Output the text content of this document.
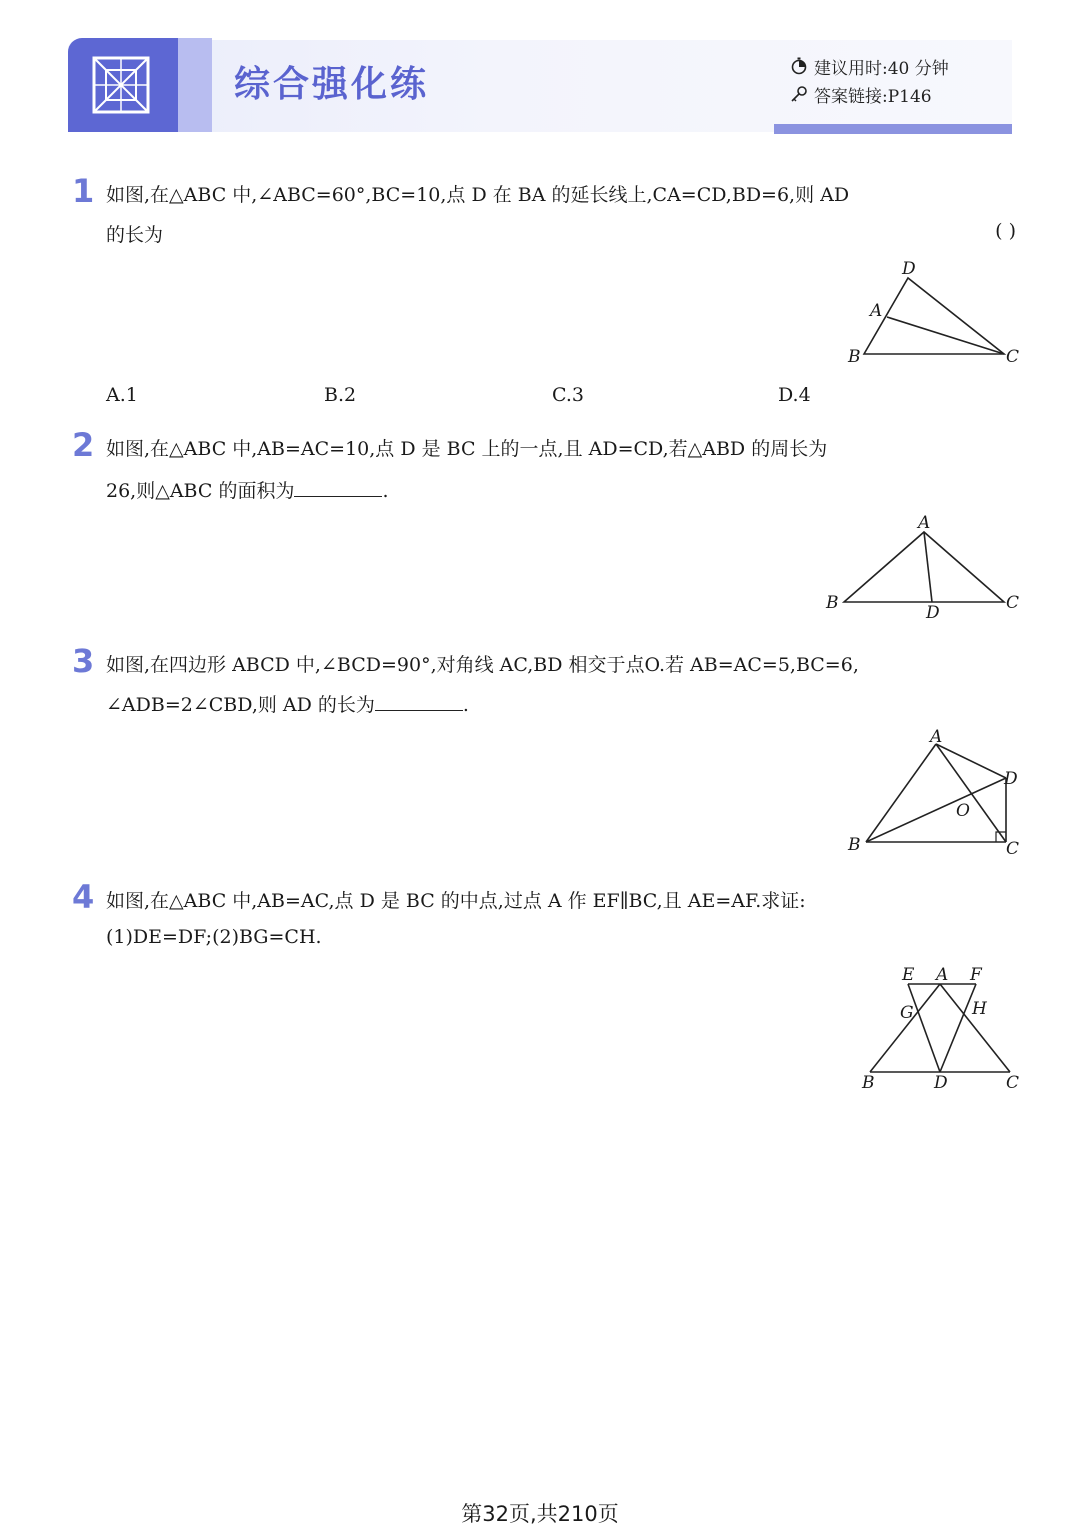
综合强化练	建议用时:40 分钟
答案链接:P146
1 如图,在△ABC 中,∠ABC=60°,BC=10,点 D 在 BA 的延长线上,CA=CD,BD=6,则 AD
的长为	( )
A.1	B.2	C.3	D.4
D
A
B	C
2 如图,在△ABC 中,AB=AC=10,点 D 是 BC 上的一点,且 AD=CD,若△ABD 的周长为
26,则△ABC 的面积为	.
A
B	D	C
3 如图,在四边形 ABCD 中,∠BCD=90°,对角线 AC,BD 相交于点O.若 AB=AC=5,BC=6,
∠ADB=2∠CBD,则 AD 的长为	.
A
D
O
B	C
4 如图,在△ABC 中,AB=AC,点 D 是 BC 的中点,过点 A 作 EF∥BC,且 AE=AF.求证:
(1)DE=DF;(2)BG=CH.
E A F
G	H
B	D	C
第32页,共210页
